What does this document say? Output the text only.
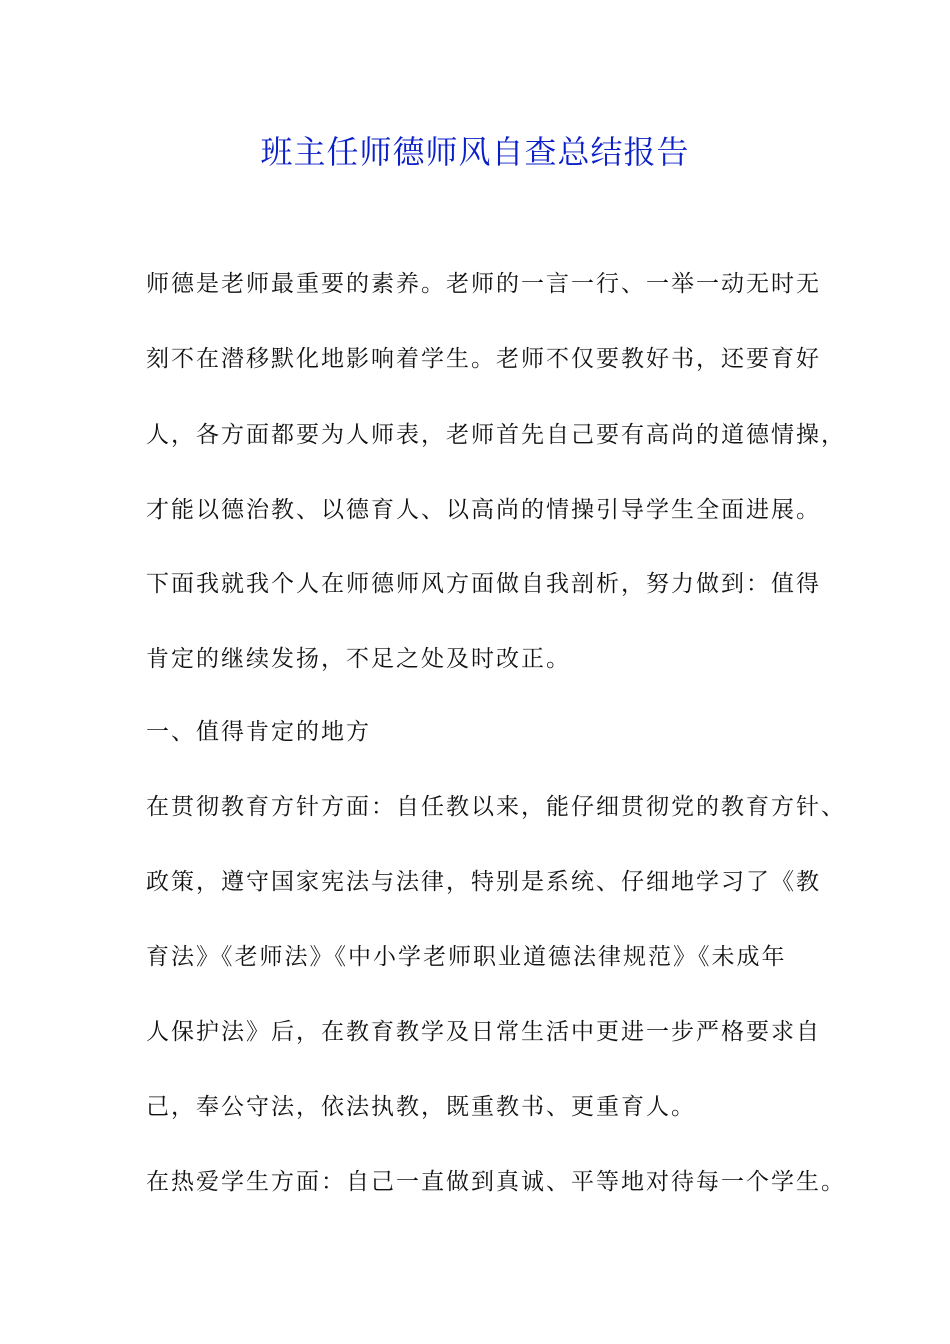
班主任师德师风自查总结报告
师德是老师最重要的素养。老师的一言一行、一举一动无时无
刻不在潜移默化地影响着学生。老师不仅要教好书，还要育好
人，各方面都要为人师表，老师首先自己要有高尚的道德情操，
才能以德治教、以德育人、以高尚的情操引导学生全面进展。
下面我就我个人在师德师风方面做自我剖析，努力做到：值得
肯定的继续发扬，不足之处及时改正。
一、值得肯定的地方
在贯彻教育方针方面：自任教以来，能仔细贯彻党的教育方针、
政策，遵守国家宪法与法律，特别是系统、仔细地学习了《教
育法》《老师法》《中小学老师职业道德法律规范》《未成年
人保护法》后，在教育教学及日常生活中更进一步严格要求自
己，奉公守法，依法执教，既重教书、更重育人。
在热爱学生方面：自己一直做到真诚、平等地对待每一个学生。
